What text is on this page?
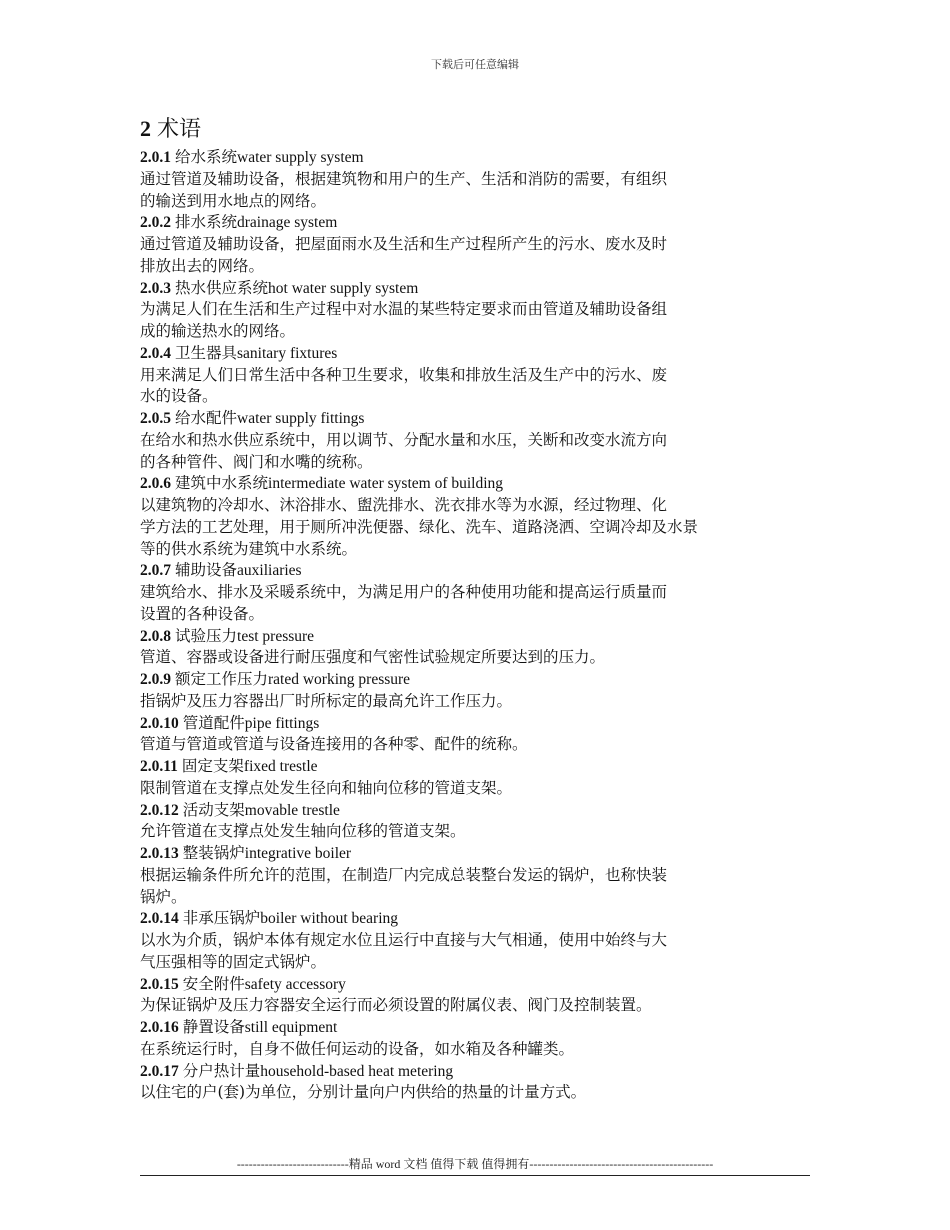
下载后可任意编辑
2 术语
2.0.1 给水系统water supply system
通过管道及辅助设备，根据建筑物和用户的生产、生活和消防的需要，有组织
的输送到用水地点的网络。
2.0.2 排水系统drainage system
通过管道及辅助设备，把屋面雨水及生活和生产过程所产生的污水、废水及时
排放出去的网络。
2.0.3 热水供应系统hot water supply system
为满足人们在生活和生产过程中对水温的某些特定要求而由管道及辅助设备组
成的输送热水的网络。
2.0.4 卫生器具sanitary fixtures
用来满足人们日常生活中各种卫生要求，收集和排放生活及生产中的污水、废
水的设备。
2.0.5 给水配件water supply fittings
在给水和热水供应系统中，用以调节、分配水量和水压，关断和改变水流方向
的各种管件、阀门和水嘴的统称。
2.0.6 建筑中水系统intermediate water system of building
以建筑物的冷却水、沐浴排水、盥洗排水、洗衣排水等为水源，经过物理、化
学方法的工艺处理，用于厕所冲洗便器、绿化、洗车、道路浇洒、空调冷却及水景
等的供水系统为建筑中水系统。
2.0.7 辅助设备auxiliaries
建筑给水、排水及采暖系统中，为满足用户的各种使用功能和提高运行质量而
设置的各种设备。
2.0.8 试验压力test pressure
管道、容器或设备进行耐压强度和气密性试验规定所要达到的压力。
2.0.9 额定工作压力rated working pressure
指锅炉及压力容器出厂时所标定的最高允许工作压力。
2.0.10 管道配件pipe fittings
管道与管道或管道与设备连接用的各种零、配件的统称。
2.0.11 固定支架fixed trestle
限制管道在支撑点处发生径向和轴向位移的管道支架。
2.0.12 活动支架movable trestle
允许管道在支撑点处发生轴向位移的管道支架。
2.0.13 整装锅炉integrative boiler
根据运输条件所允许的范围，在制造厂内完成总装整台发运的锅炉，也称快装
锅炉。
2.0.14 非承压锅炉boiler without bearing
以水为介质，锅炉本体有规定水位且运行中直接与大气相通，使用中始终与大
气压强相等的固定式锅炉。
2.0.15 安全附件safety accessory
为保证锅炉及压力容器安全运行而必须设置的附属仪表、阀门及控制装置。
2.0.16 静置设备still equipment
在系统运行时，自身不做任何运动的设备，如水箱及各种罐类。
2.0.17 分户热计量household-based heat metering
以住宅的户(套)为单位，分别计量向户内供给的热量的计量方式。
----------------------------精品 word 文档 值得下载 值得拥有----------------------------------------------
